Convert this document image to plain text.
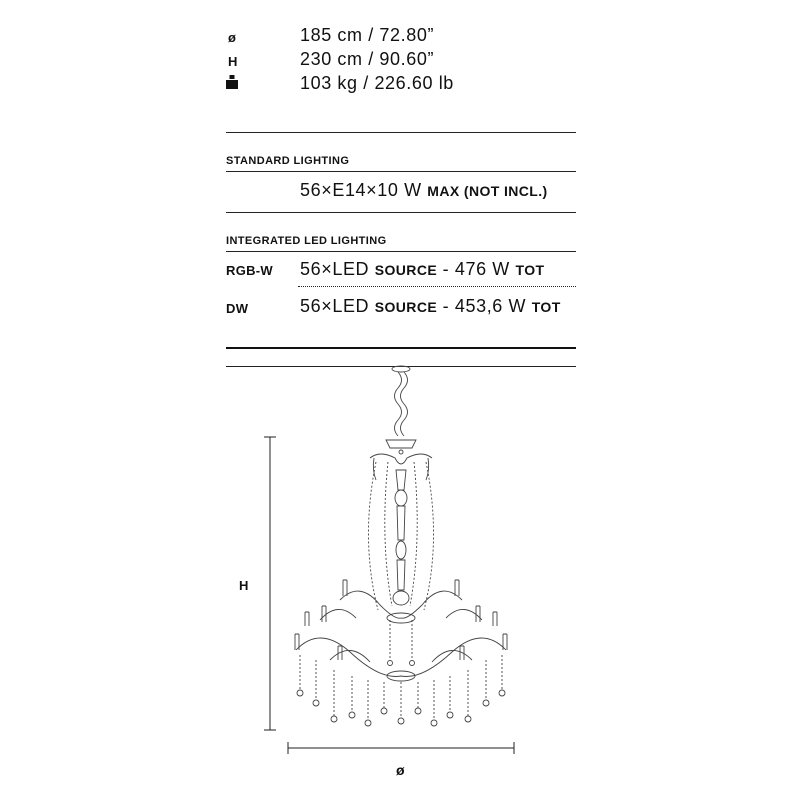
ø	185 cm / 72.80”
H	230 cm / 90.60”
103 kg / 226.60 lb
STANDARD LIGHTING
56×E14×10 W MAX (NOT INCL.)
INTEGRATED LED LIGHTING
RGB-W 56×LED SOURCE - 476 W TOT
DW	56×LED SOURCE - 453,6 W TOT
H
ø
